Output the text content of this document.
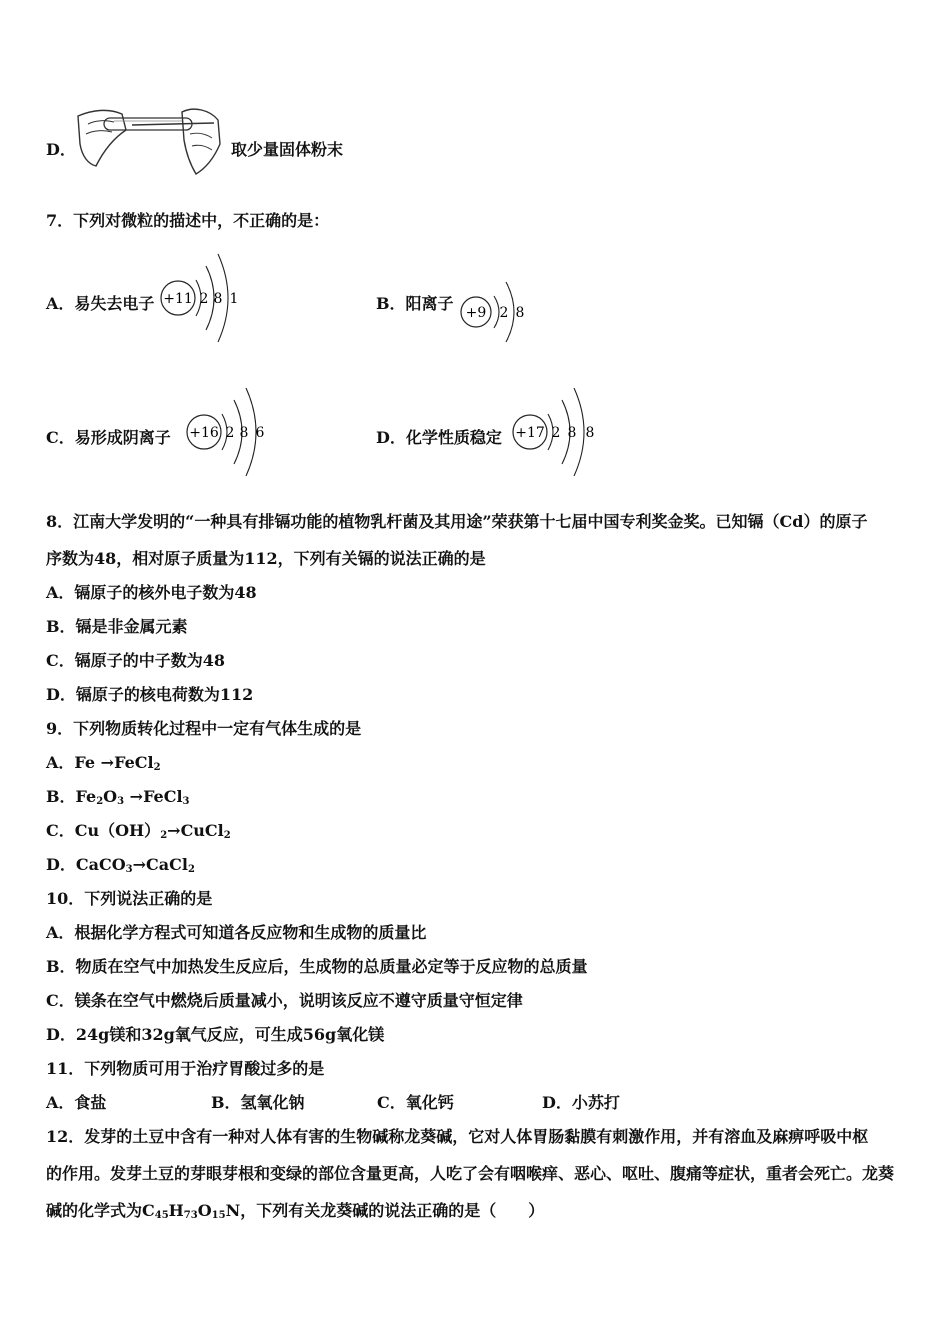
D．	取少量固体粉末
7．下列对微粒的描述中，不正确的是：
A．易失去电子 +11 2 8 1	B．阳离子 +9 2 8
C．易形成阴离子 +16 2 8 6	D．化学性质稳定 +17 2 8 8
8．江南大学发明的“一种具有排镉功能的植物乳杆菌及其用途”荣获第十七届中国专利奖金奖。已知镉（Cd）的原子
序数为48，相对原子质量为112，下列有关镉的说法正确的是
A．镉原子的核外电子数为48
B．镉是非金属元素
C．镉原子的中子数为48
D．镉原子的核电荷数为112
9．下列物质转化过程中一定有气体生成的是
A．Fe →FeCl$_2$
B．$Fe_2O_3$ →FeCl$_3$
C．$Cu(OH)_2\to CuCl_2$
D．CaCO$_3$→CaCl$_2$
10．下列说法正确的是
A．根据化学方程式可知道各反应物和生成物的质量比
B．物质在空气中加热发生反应后，生成物的总质量必定等于反应物的总质量
C．镁条在空气中燃烧后质量减小，说明该反应不遵守质量守恒定律
D．24g镁和32g氧气反应，可生成56g氧化镁
11．下列物质可用于治疗胃酸过多的是
A．食盐	B．氢氧化钠	C．氧化钙	D．小苏打
12．发芽的土豆中含有一种对人体有害的生物碱称龙葵碱，它对人体胃肠黏膜有刺激作用，并有溶血及麻痹呼吸中枢
的作用。发芽土豆的芽眼芽根和变绿的部位含量更高，人吃了会有咽喉痒、恶心、呕吐、腹痛等症状，重者会死亡。龙葵
碱的化学式为$C_{45}H_{73}O_{15}N$，下列有关龙葵碱的说法正确的是（　　）
